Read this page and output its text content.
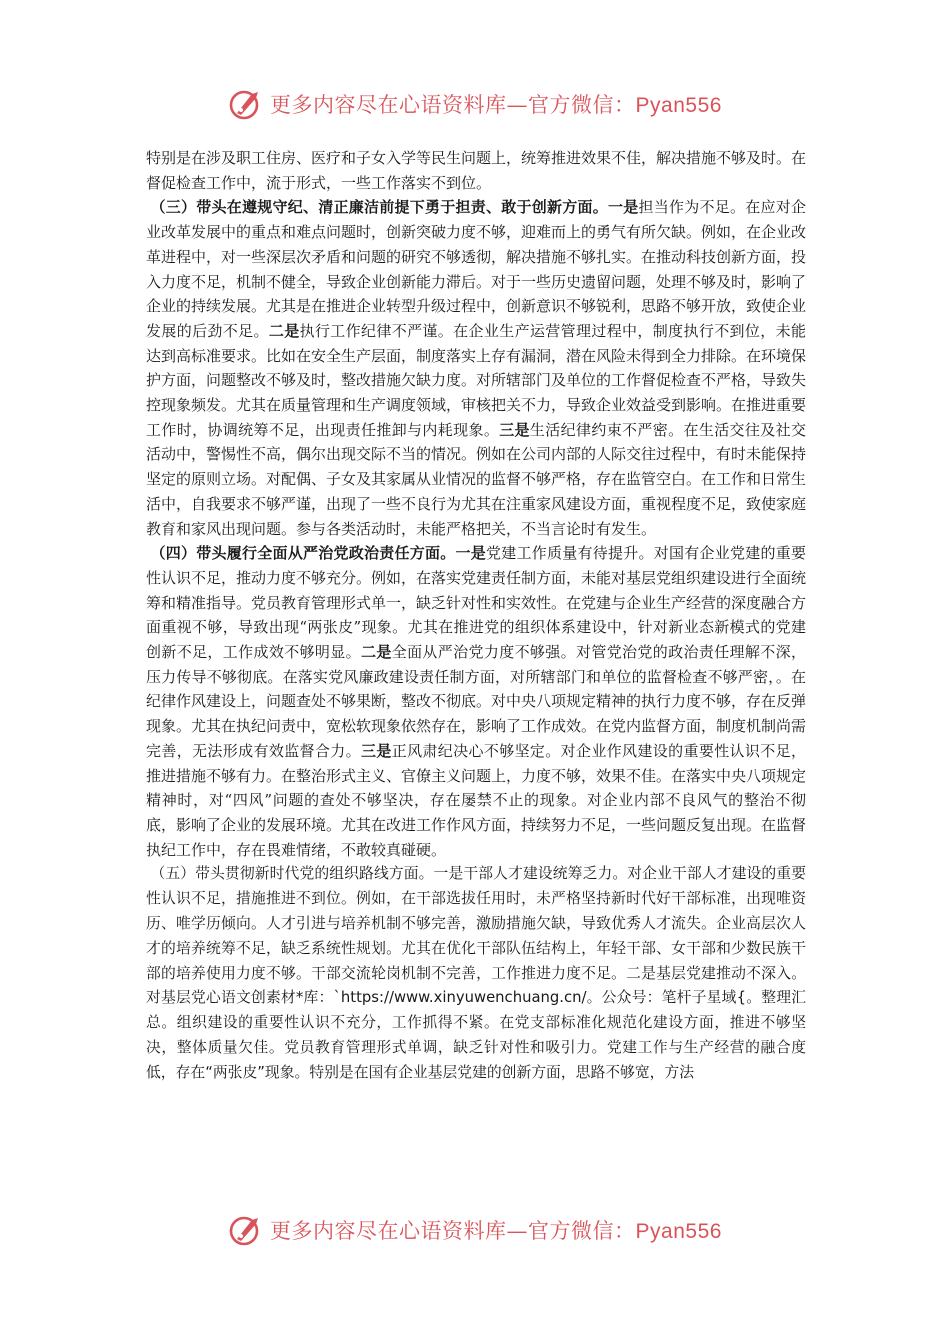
更多内容尽在心语资料库—官方微信：Pyan556

特别是在涉及职工住房、医疗和子女入学等民生问题上，统筹推进效果不佳，解决措施不够及时。在督促检查工作中，流于形式，一些工作落实不到位。

（三）带头在遵规守纪、清正廉洁前提下勇于担责、敢于创新方面。一是担当作为不足。在应对企业改革发展中的重点和难点问题时，创新突破力度不够，迎难而上的勇气有所欠缺。例如，在企业改革进程中，对一些深层次矛盾和问题的研究不够透彻，解决措施不够扎实。在推动科技创新方面，投入力度不足，机制不健全，导致企业创新能力滞后。对于一些历史遗留问题，处理不够及时，影响了企业的持续发展。尤其是在推进企业转型升级过程中，创新意识不够锐利，思路不够开放，致使企业发展的后劲不足。二是执行工作纪律不严谨。在企业生产运营管理过程中，制度执行不到位，未能达到高标准要求。比如在安全生产层面，制度落实上存有漏洞，潜在风险未得到全力排除。在环境保护方面，问题整改不够及时，整改措施欠缺力度。对所辖部门及单位的工作督促检查不严格，导致失控现象频发。尤其在质量管理和生产调度领域，审核把关不力，导致企业效益受到影响。在推进重要工作时，协调统筹不足，出现责任推卸与内耗现象。三是生活纪律约束不严密。在生活交往及社交活动中，警惕性不高，偶尔出现交际不当的情况。例如在公司内部的人际交往过程中，有时未能保持坚定的原则立场。对配偶、子女及其家属从业情况的监督不够严格，存在监管空白。在工作和日常生活中，自我要求不够严谨，出现了一些不良行为尤其在注重家风建设方面，重视程度不足，致使家庭教育和家风出现问题。参与各类活动时，未能严格把关，不当言论时有发生。

（四）带头履行全面从严治党政治责任方面。一是党建工作质量有待提升。对国有企业党建的重要性认识不足，推动力度不够充分。例如，在落实党建责任制方面，未能对基层党组织建设进行全面统筹和精准指导。党员教育管理形式单一，缺乏针对性和实效性。在党建与企业生产经营的深度融合方面重视不够，导致出现“两张皮”现象。尤其在推进党的组织体系建设中，针对新业态新模式的党建创新不足，工作成效不够明显。二是全面从严治党力度不够强。对管党治党的政治责任理解不深，压力传导不够彻底。在落实党风廉政建设责任制方面，对所辖部门和单位的监督检查不够严密，。在纪律作风建设上，问题查处不够果断，整改不彻底。对中央八项规定精神的执行力度不够，存在反弹现象。尤其在执纪问责中，宽松软现象依然存在，影响了工作成效。在党内监督方面，制度机制尚需完善，无法形成有效监督合力。三是正风肃纪决心不够坚定。对企业作风建设的重要性认识不足，推进措施不够有力。在整治形式主义、官僚主义问题上，力度不够，效果不佳。在落实中央八项规定精神时，对“四风”问题的查处不够坚决，存在屡禁不止的现象。对企业内部不良风气的整治不彻底，影响了企业的发展环境。尤其在改进工作作风方面，持续努力不足，一些问题反复出现。在监督执纪工作中，存在畏难情绪，不敢较真碰硬。

（五）带头贯彻新时代党的组织路线方面。一是干部人才建设统筹乏力。对企业干部人才建设的重要性认识不足，措施推进不到位。例如，在干部选拔任用时，未严格坚持新时代好干部标准，出现唯资历、唯学历倾向。人才引进与培养机制不够完善，激励措施欠缺，导致优秀人才流失。企业高层次人才的培养统筹不足，缺乏系统性规划。尤其在优化干部队伍结构上，年轻干部、女干部和少数民族干部的培养使用力度不够。干部交流轮岗机制不完善，工作推进力度不足。二是基层党建推动不深入。对基层党心语文创素材*库：`https://www.xinyuwenchuang.cn/。公众号：笔杆子星域{。整理汇总。组织建设的重要性认识不充分，工作抓得不紧。在党支部标准化规范化建设方面，推进不够坚决，整体质量欠佳。党员教育管理形式单调，缺乏针对性和吸引力。党建工作与生产经营的融合度低，存在“两张皮”现象。特别是在国有企业基层党建的创新方面，思路不够宽，方法

更多内容尽在心语资料库—官方微信：Pyan556
